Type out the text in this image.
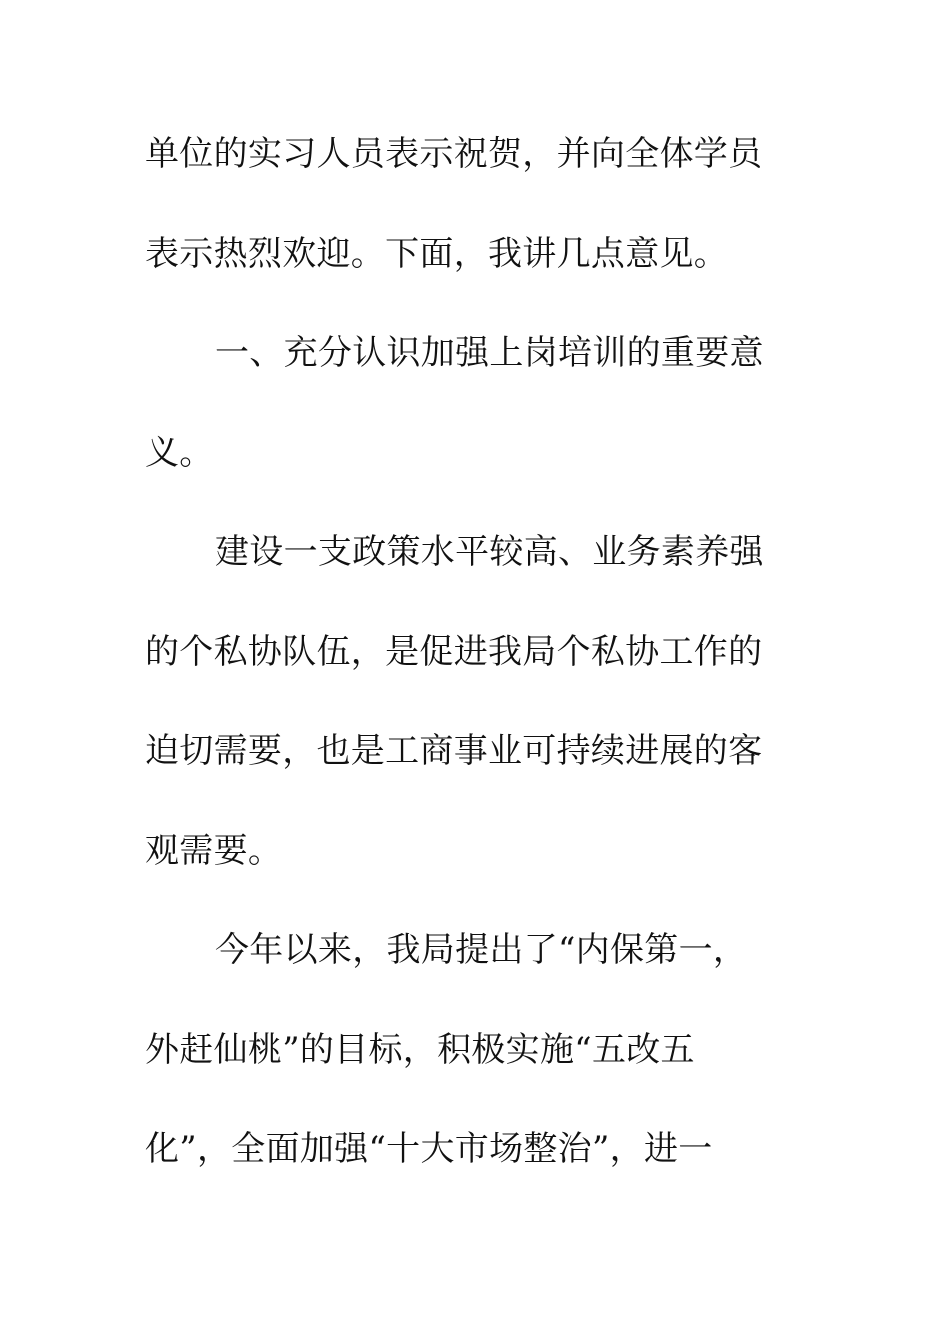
单位的实习人员表示祝贺，并向全体学员
表示热烈欢迎。下面，我讲几点意见。
一、充分认识加强上岗培训的重要意
义。
建设一支政策水平较高、业务素养强
的个私协队伍，是促进我局个私协工作的
迫切需要，也是工商事业可持续进展的客
观需要。
今年以来，我局提出了“内保第一，
外赶仙桃”的目标，积极实施“五改五
化”，全面加强“十大市场整治”，进一
